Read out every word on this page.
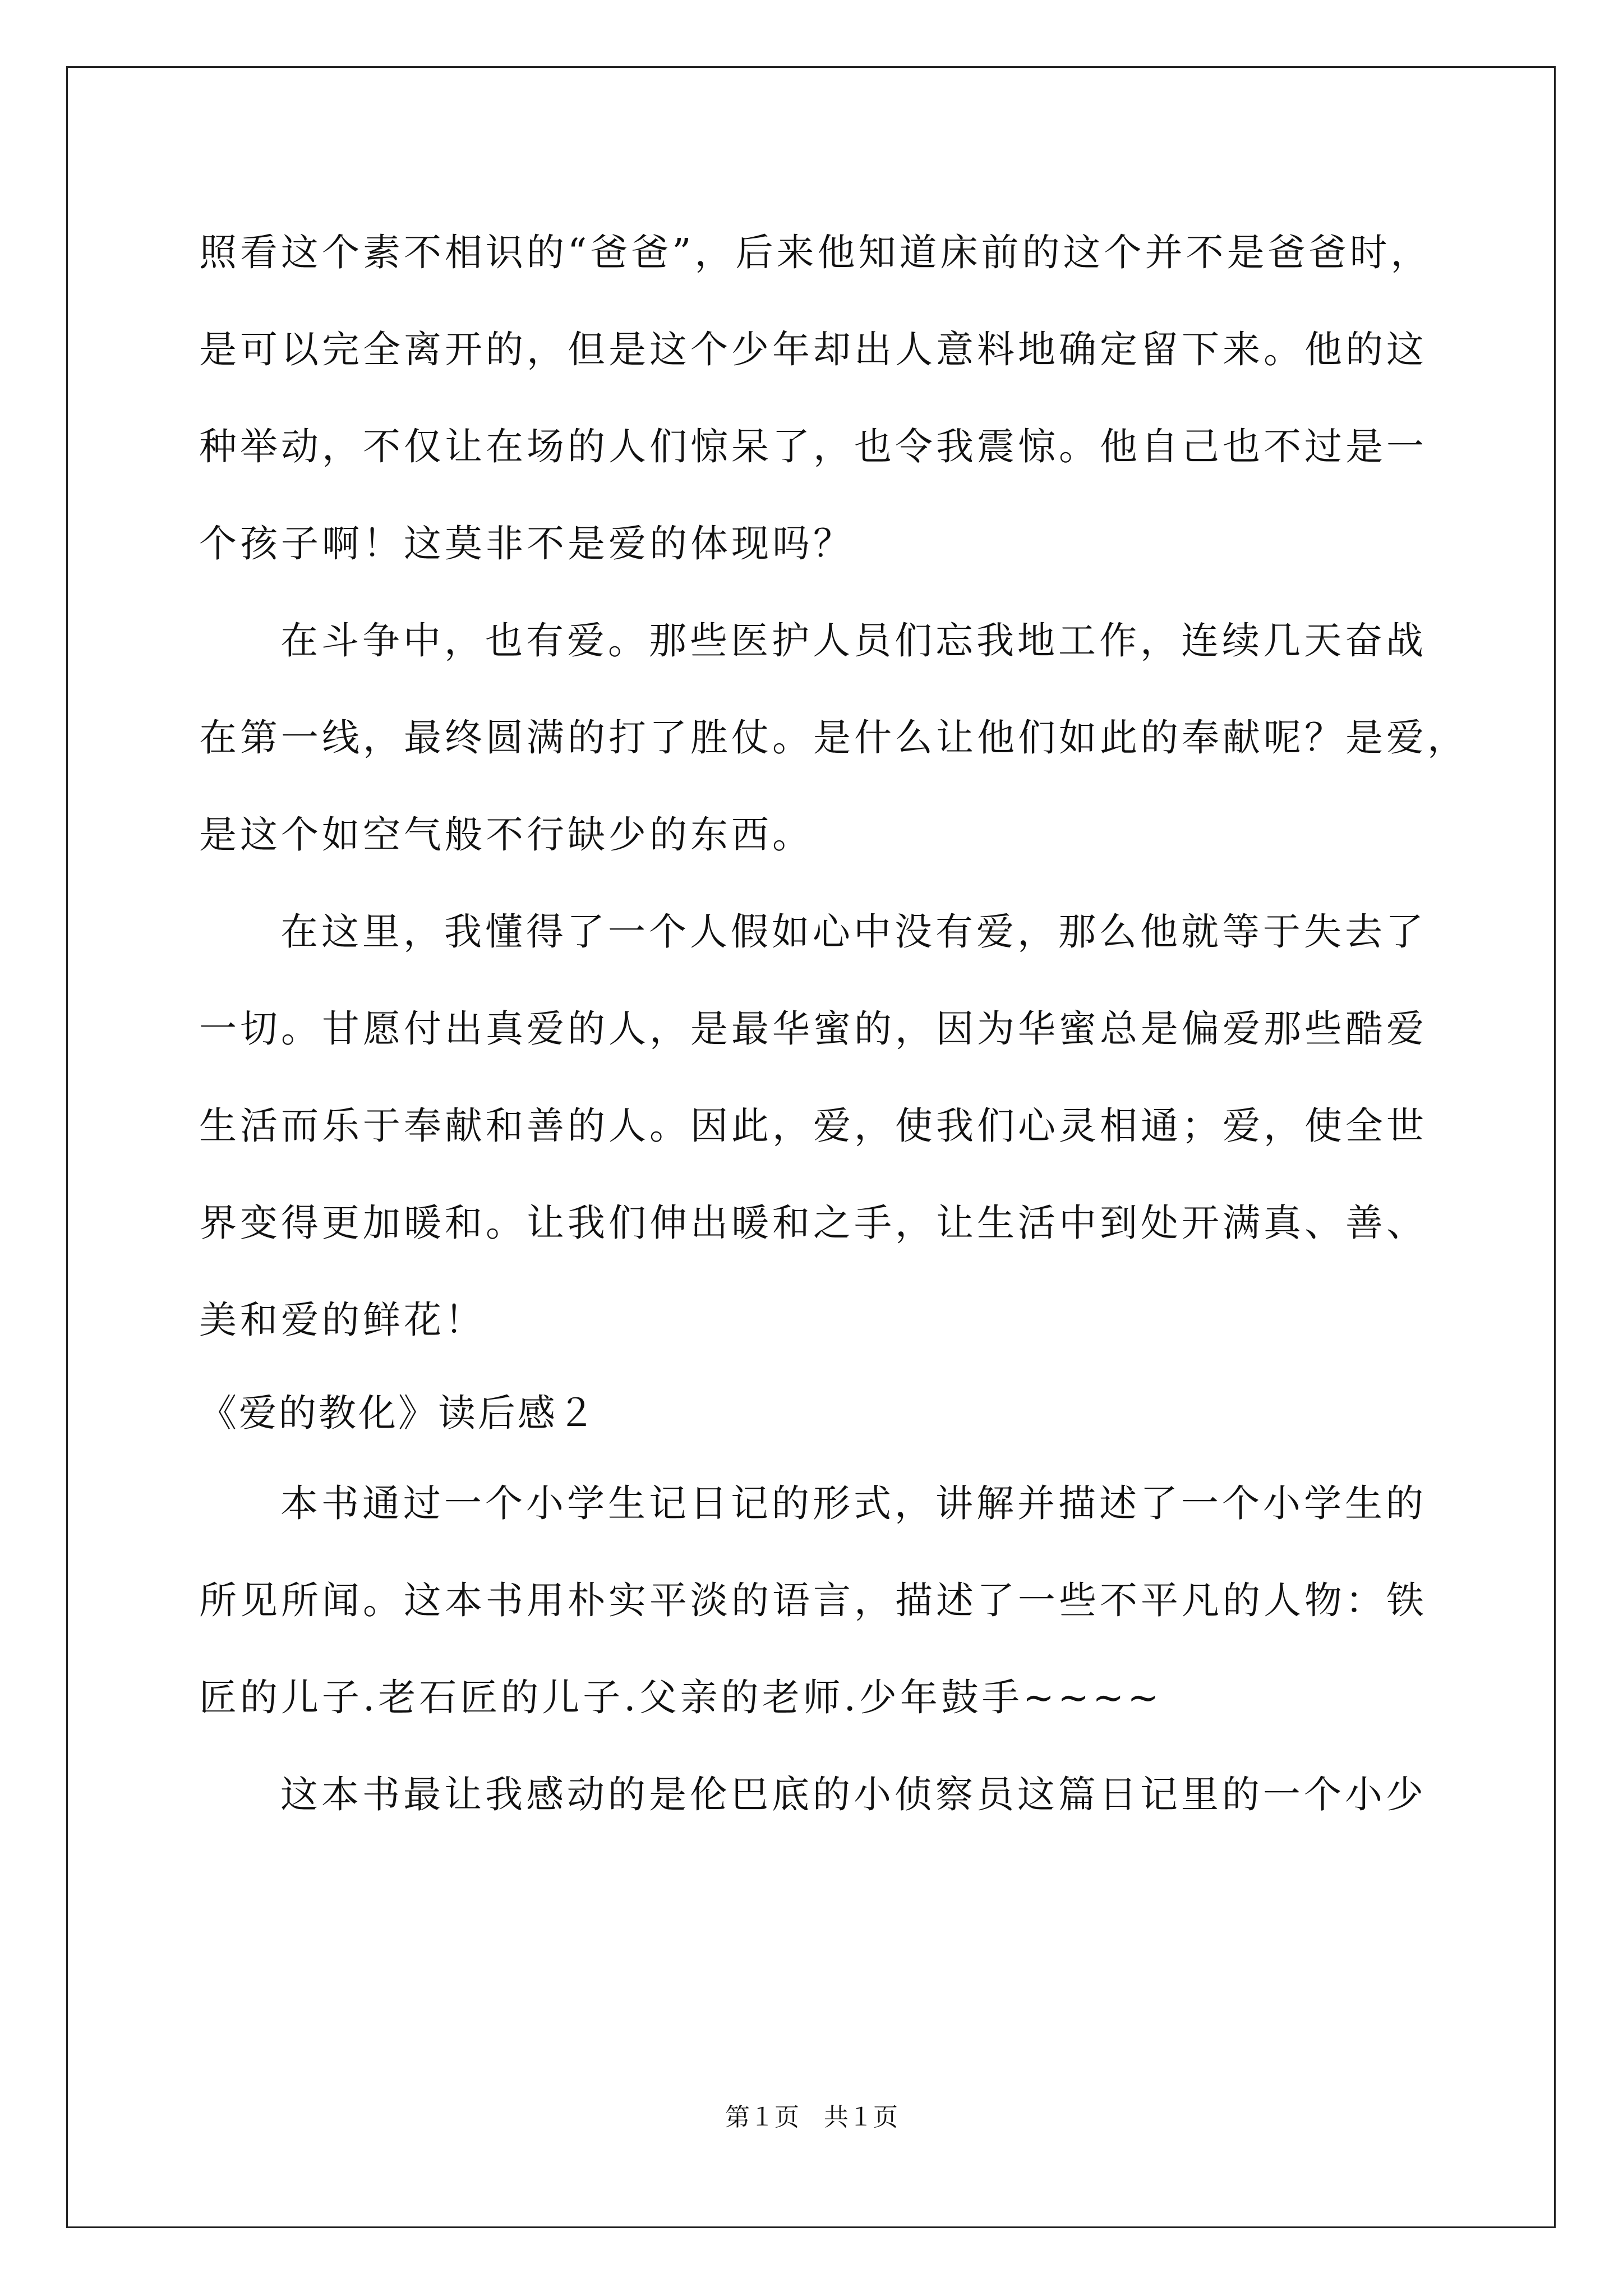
照看这个素不相识的“爸爸”，后来他知道床前的这个并不是爸爸时，
是可以完全离开的，但是这个少年却出人意料地确定留下来。他的这
种举动，不仅让在场的人们惊呆了，也令我震惊。他自己也不过是一
个孩子啊！这莫非不是爱的体现吗？
在斗争中，也有爱。那些医护人员们忘我地工作，连续几天奋战
在第一线，最终圆满的打了胜仗。是什么让他们如此的奉献呢？是爱，
是这个如空气般不行缺少的东西。
在这里，我懂得了一个人假如心中没有爱，那么他就等于失去了
一切。甘愿付出真爱的人，是最华蜜的，因为华蜜总是偏爱那些酷爱
生活而乐于奉献和善的人。因此，爱，使我们心灵相通；爱，使全世
界变得更加暖和。让我们伸出暖和之手，让生活中到处开满真、善、
美和爱的鲜花！
《爱的教化》读后感２
本书通过一个小学生记日记的形式，讲解并描述了一个小学生的
所见所闻。这本书用朴实平淡的语言，描述了一些不平凡的人物：铁
匠的儿子.老石匠的儿子.父亲的老师.少年鼓手~~~~
这本书最让我感动的是伦巴底的小侦察员这篇日记里的一个小少
第１页　共１页
